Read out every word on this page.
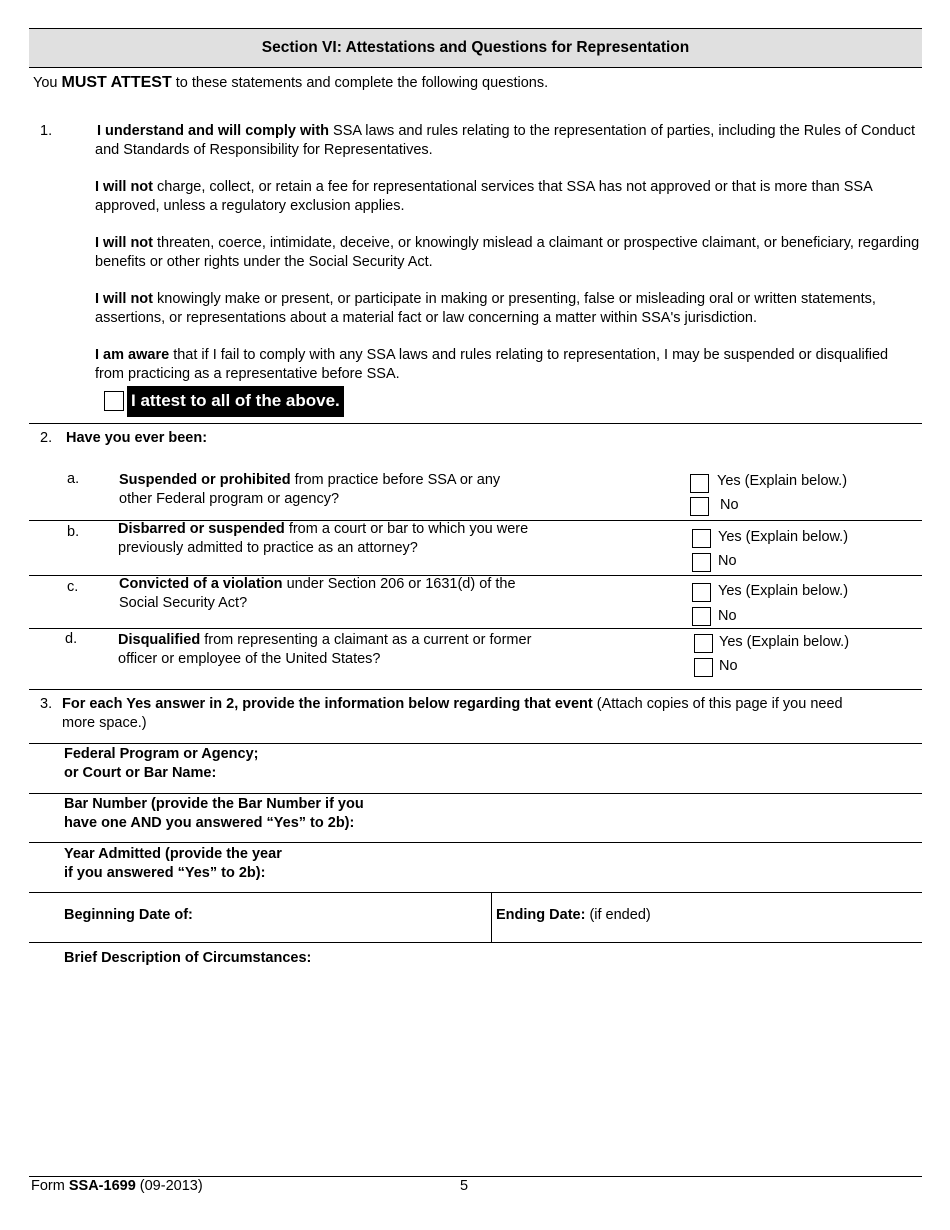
Section VI: Attestations and Questions for Representation
You MUST ATTEST to these statements and complete the following questions.
1.	I understand and will comply with SSA laws and rules relating to the representation of parties, including the Rules of Conduct and Standards of Responsibility for Representatives.
I will not charge, collect, or retain a fee for representational services that SSA has not approved or that is more than SSA approved, unless a regulatory exclusion applies.
I will not threaten, coerce, intimidate, deceive, or knowingly mislead a claimant or prospective claimant, or beneficiary, regarding benefits or other rights under the Social Security Act.
I will not knowingly make or present, or participate in making or presenting, false or misleading oral or written statements, assertions, or representations about a material fact or law concerning a matter within SSA's jurisdiction.
I am aware that if I fail to comply with any SSA laws and rules relating to representation, I may be suspended or disqualified from practicing as a representative before SSA.
I attest to all of the above.
2. Have you ever been:
a.	Suspended or prohibited from practice before SSA or any
other Federal program or agency?
Yes (Explain below.)
No
b.	Disbarred or suspended from a court or bar to which you were
previously admitted to practice as an attorney?
Yes (Explain below.)
No
c.	Convicted of a violation under Section 206 or 1631(d) of the
Social Security Act?
Yes (Explain below.)
No
d.	Disqualified from representing a claimant as a current or former
officer or employee of the United States?
Yes (Explain below.)
No
3. For each Yes answer in 2, provide the information below regarding that event (Attach copies of this page if you need
more space.)
Federal Program or Agency;
or Court or Bar Name:
Bar Number (provide the Bar Number if you
have one AND you answered “Yes” to 2b):
Year Admitted (provide the year
if you answered “Yes” to 2b):
Beginning Date of:	Ending Date: (if ended)
Brief Description of Circumstances:
Form SSA-1699 (09-2013)	5
